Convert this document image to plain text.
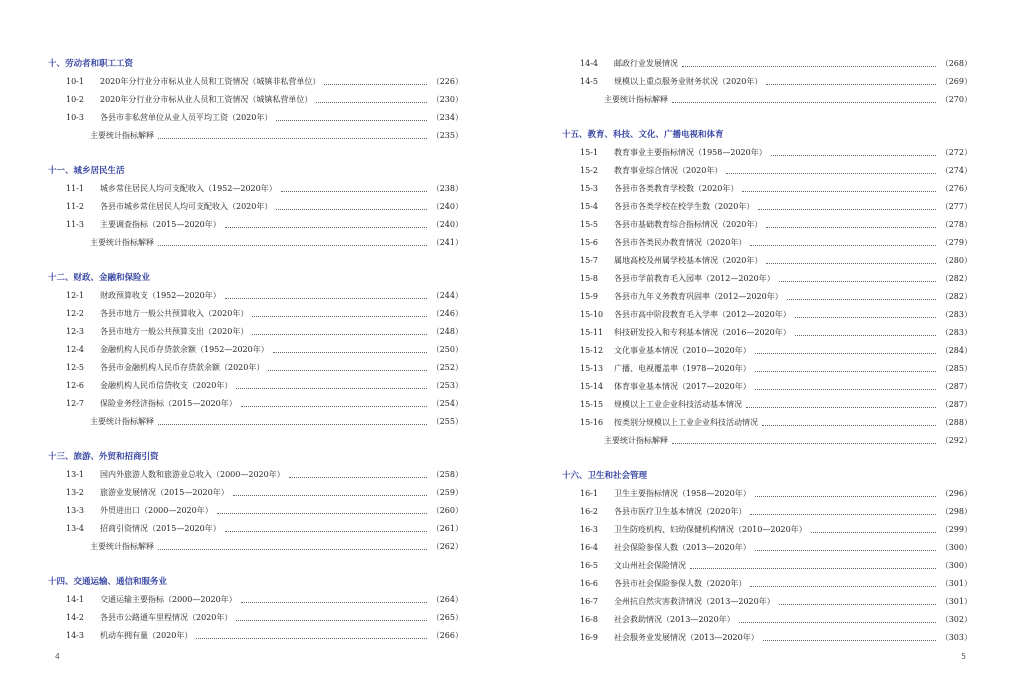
十、劳动者和职工工资
10-1	2020年分行业分市标从业人员和工资情况（城镇非私营单位）	（226）
10-2	2020年分行业分市标从业人员和工资情况（城镇私营单位）	（230）
10-3	各县市非私营单位从业人员平均工资（2020年）	（234）
主要统计指标解释	（235）
十一、城乡居民生活
11-1	城乡常住居民人均可支配收入（1952—2020年）	（238）
11-2	各县市城乡常住居民人均可支配收入（2020年）	（240）
11-3	主要调查指标（2015—2020年）	（240）
主要统计指标解释	（241）
十二、财政、金融和保险业
12-1	财政预算收支（1952—2020年）	（244）
12-2	各县市地方一般公共预算收入（2020年）	（246）
12-3	各县市地方一般公共预算支出（2020年）	（248）
12-4	金融机构人民币存贷款余额（1952—2020年）	（250）
12-5	各县市金融机构人民币存贷款余额（2020年）	（252）
12-6	金融机构人民币信贷收支（2020年）	（253）
12-7	保险业务经济指标（2015—2020年）	（254）
主要统计指标解释	（255）
十三、旅游、外贸和招商引资
13-1	国内外旅游人数和旅游业总收入（2000—2020年）	（258）
13-2	旅游业发展情况（2015—2020年）	（259）
13-3	外贸进出口（2000—2020年）	（260）
13-4	招商引资情况（2015—2020年）	（261）
主要统计指标解释	（262）
十四、交通运输、通信和服务业
14-1	交通运输主要指标（2000—2020年）	（264）
14-2	各县市公路通车里程情况（2020年）	（265）
14-3	机动车拥有量（2020年）	（266）
4
14-4	邮政行业发展情况	（268）
14-5	规模以上重点服务业财务状况（2020年）	（269）
主要统计指标解释	（270）
十五、教育、科技、文化、广播电视和体育
15-1	教育事业主要指标情况（1958—2020年）	（272）
15-2	教育事业综合情况（2020年）	（274）
15-3	各县市各类教育学校数（2020年）	（276）
15-4	各县市各类学校在校学生数（2020年）	（277）
15-5	各县市基础教育综合指标情况（2020年）	（278）
15-6	各县市各类民办教育情况（2020年）	（279）
15-7	属地高校及州属学校基本情况（2020年）	（280）
15-8	各县市学前教育毛入园率（2012—2020年）	（282）
15-9	各县市九年义务教育巩固率（2012—2020年）	（282）
15-10	各县市高中阶段教育毛入学率（2012—2020年）	（283）
15-11	科技研发投入和专利基本情况（2016—2020年）	（283）
15-12	文化事业基本情况（2010—2020年）	（284）
15-13	广播、电视覆盖率（1978—2020年）	（285）
15-14	体育事业基本情况（2017—2020年）	（287）
15-15	规模以上工业企业科技活动基本情况	（287）
15-16	按类别分规模以上工业企业科技活动情况	（288）
主要统计指标解释	（292）
十六、卫生和社会管理
16-1	卫生主要指标情况（1958—2020年）	（296）
16-2	各县市医疗卫生基本情况（2020年）	（298）
16-3	卫生防疫机构、妇幼保健机构情况（2010—2020年）	（299）
16-4	社会保险参保人数（2013—2020年）	（300）
16-5	文山州社会保险情况	（300）
16-6	各县市社会保险参保人数（2020年）	（301）
16-7	全州抗自然灾害救济情况（2013—2020年）	（301）
16-8	社会救助情况（2013—2020年）	（302）
16-9	社会服务业发展情况（2013—2020年）	（303）
5
